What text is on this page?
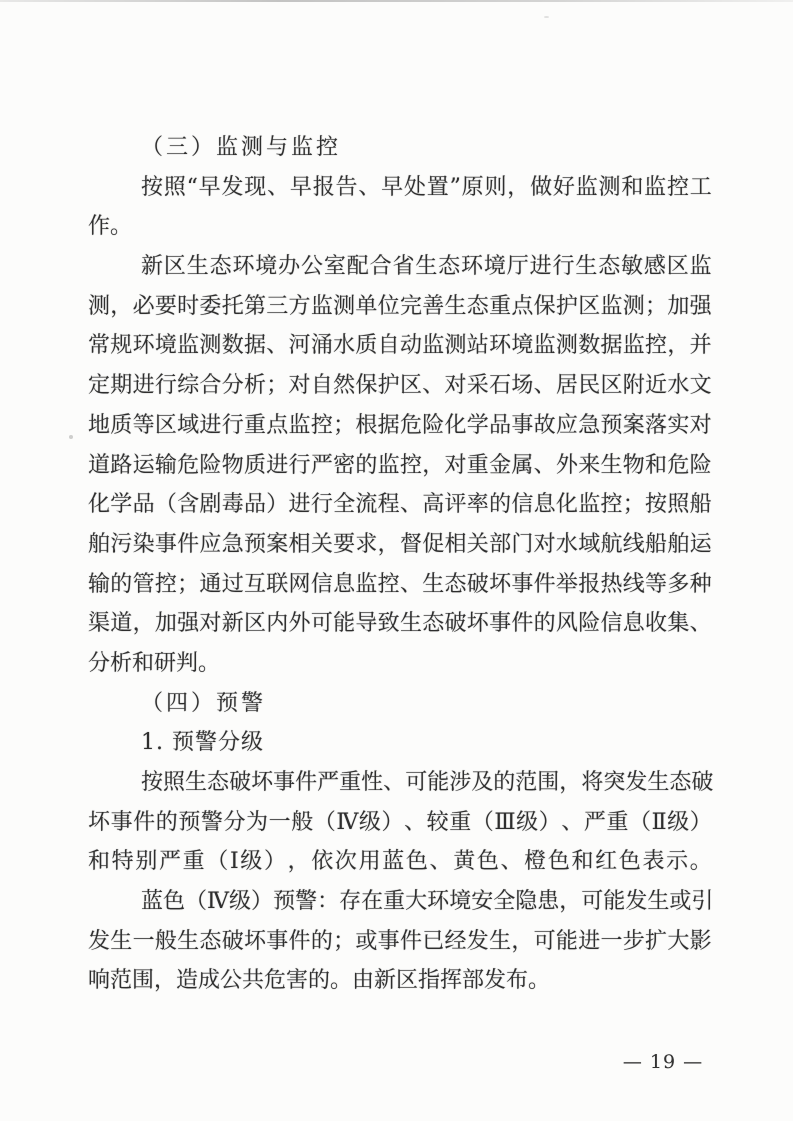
（三）监测与监控
按 照 “ 早 发 现 、 早 报 告 、 早 处 置 ” 原 则 ， 做 好 监 测 和 监 控 工
作。
新 区 生 态 环 境 办 公 室 配 合 省 生 态 环 境 厅 进 行 生 态 敏 感 区 监
测 ， 必 要 时 委 托 第 三 方 监 测 单 位 完 善 生 态 重 点 保 护 区 监 测 ； 加 强
常 规 环 境 监 测 数 据 、 河 涌 水 质 自 动 监 测 站 环 境 监 测 数 据 监 控 ， 并
定 期 进 行 综 合 分 析 ； 对 自 然 保 护 区 、 对 采 石 场 、 居 民 区 附 近 水 文
地 质 等 区 域 进 行 重 点 监 控 ； 根 据 危 险 化 学 品 事 故 应 急 预 案 落 实 对
道 路 运 输 危 险 物 质 进 行 严 密 的 监 控 ， 对 重 金 属 、 外 来 生 物 和 危 险
化 学 品 （ 含 剧 毒 品 ） 进 行 全 流 程 、 高 评 率 的 信 息 化 监 控 ； 按 照 船
舶 污 染 事 件 应 急 预 案 相 关 要 求 ， 督 促 相 关 部 门 对 水 域 航 线 船 舶 运
输 的 管 控 ； 通 过 互 联 网 信 息 监 控 、 生 态 破 坏 事 件 举 报 热 线 等 多 种
渠 道 ， 加 强 对 新 区 内 外 可 能 导 致 生 态 破 坏 事 件 的 风 险 信 息 收 集 、
分析和研判。
（四）预警
1. 预警分级
按 照 生 态 破 坏 事 件 严 重 性 、 可 能 涉 及 的 范 围 ， 将 突 发 生 态 破
坏 事 件 的 预 警 分 为 一 般 （ Ⅳ 级 ） 、 较 重 （ Ⅲ 级 ） 、 严 重 （ Ⅱ 级 ）
和 特 别 严 重 （ Ⅰ 级 ） ， 依 次 用 蓝 色 、 黄 色 、 橙 色 和 红 色 表 示 。
蓝 色 （ Ⅳ 级 ） 预 警 ： 存 在 重 大 环 境 安 全 隐 患 ， 可 能 发 生 或 引
发 生 一 般 生 态 破 坏 事 件 的 ； 或 事 件 已 经 发 生 ， 可 能 进 一 步 扩 大 影
响范围，造成公共危害的。由新区指挥部发布。
— 19 —
